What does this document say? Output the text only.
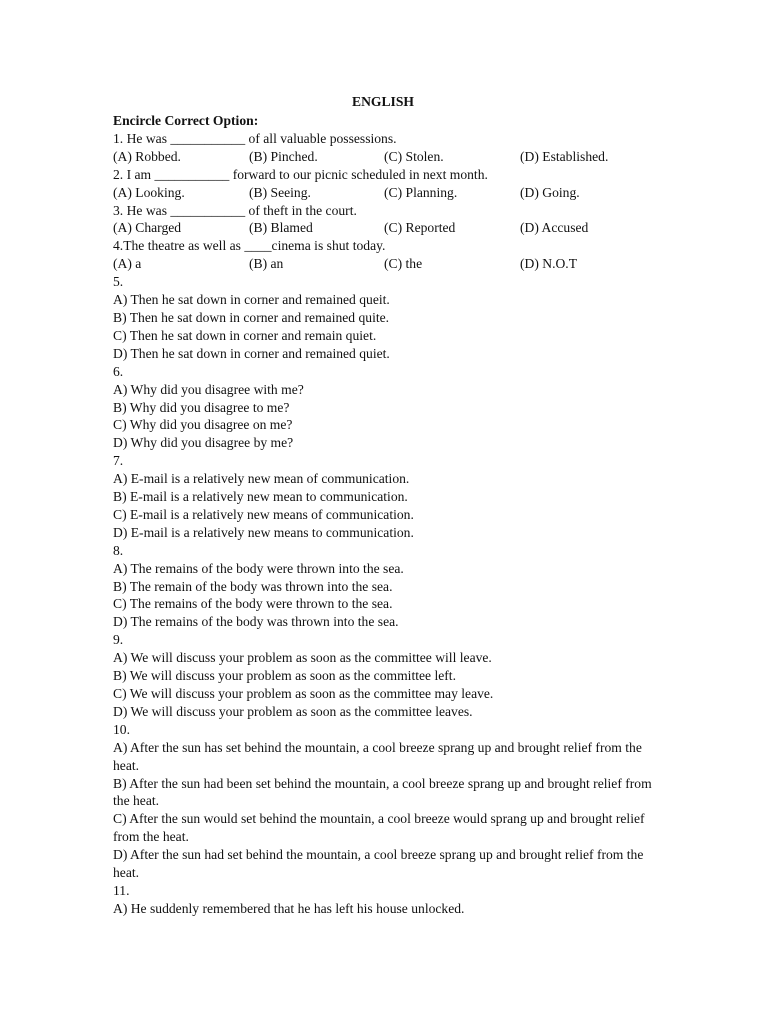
ENGLISH
Encircle Correct Option:
1. He was ___________ of all valuable possessions.
(A) Robbed.	(B) Pinched.	(C) Stolen.	(D) Established.
2. I am ___________ forward to our picnic scheduled in next month.
(A) Looking.	(B) Seeing.	(C) Planning.	(D) Going.
3. He was ___________ of theft in the court.
(A) Charged	(B) Blamed	(C) Reported	(D) Accused
4.The theatre as well as ____cinema is shut today.
(A) a	(B) an	(C) the	(D) N.O.T
5.
A) Then he sat down in corner and remained queit.
B) Then he sat down in corner and remained quite.
C) Then he sat down in corner and remain quiet.
D) Then he sat down in corner and remained quiet.
6.
A) Why did you disagree with me?
B) Why did you disagree to me?
C) Why did you disagree on me?
D) Why did you disagree by me?
7.
A) E-mail is a relatively new mean of communication.
B) E-mail is a relatively new mean to communication.
C) E-mail is a relatively new means of communication.
D) E-mail is a relatively new means to communication.
8.
A) The remains of the body were thrown into the sea.
B) The remain of the body was thrown into the sea.
C) The remains of the body were thrown to the sea.
D) The remains of the body was thrown into the sea.
9.
A) We will discuss your problem as soon as the committee will leave.
B) We will discuss your problem as soon as the committee left.
C) We will discuss your problem as soon as the committee may leave.
D) We will discuss your problem as soon as the committee leaves.
10.
A) After the sun has set behind the mountain, a cool breeze sprang up and brought relief from the heat.
B) After the sun had been set behind the mountain, a cool breeze sprang up and brought relief from the heat.
C) After the sun would set behind the mountain, a cool breeze would sprang up and brought relief from the heat.
D) After the sun had set behind the mountain, a cool breeze sprang up and brought relief from the heat.
11.
A) He suddenly remembered that he has left his house unlocked.
